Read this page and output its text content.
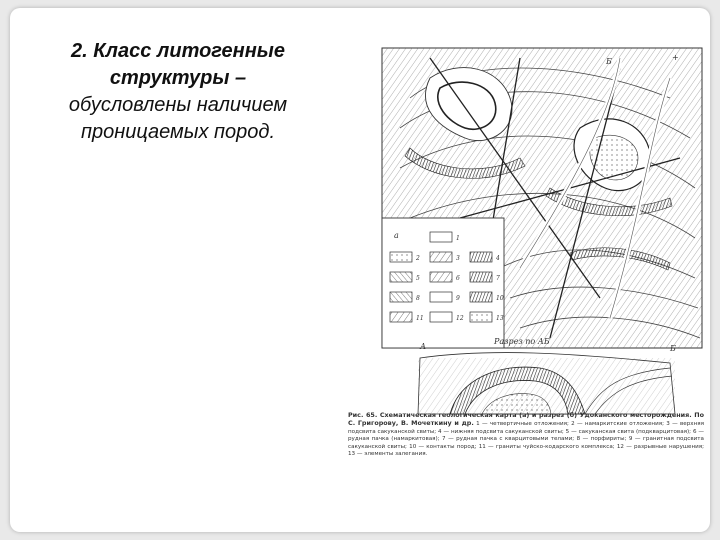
2. Класс литогенные
структуры –
обусловлены наличием
проницаемых пород.
1
2	3	4
5	6	7
8	9	10
11	12	13
а
Б	+
А	Б
Разрез по АБ
Рис. 65. Схематическая геологическая карта (а) и разрез (б) Удоканского месторождения. По С. Григорову, В. Мочеткину и др. 1 — четвертичные отложения; 2 — намаркитские отложения; 3 — верхняя подсвита сакуканской свиты; 4 — нижняя подсвита сакуканской свиты; 5 — сакуканская свита (подкварцитовая); 6 — рудная пачка (намаркитовая); 7 — рудная пачка с кварцитовыми телами; 8 — порфириты; 9 — гранитная подсвита сакуканской свиты; 10 — контакты пород; 11 — граниты чуйско-кодарского комплекса; 12 — разрывные нарушения; 13 — элементы залегания.
